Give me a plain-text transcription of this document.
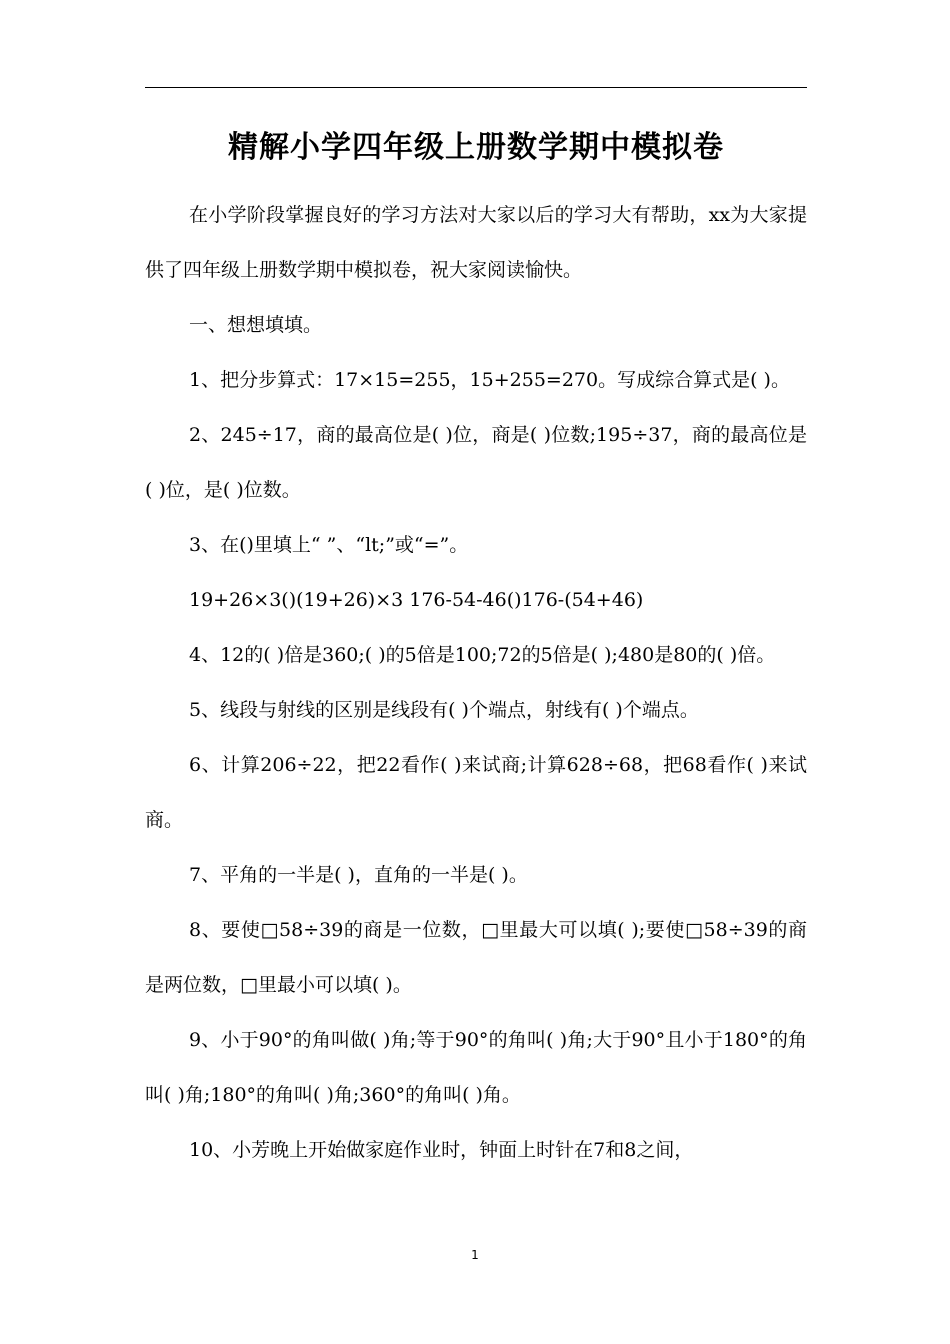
精解小学四年级上册数学期中模拟卷

在小学阶段掌握良好的学习方法对大家以后的学习大有帮助，xx为大家提供了四年级上册数学期中模拟卷，祝大家阅读愉快。

一、想想填填。

1、把分步算式：17×15=255，15+255=270。写成综合算式是( )。

2、245÷17，商的最高位是( )位，商是( )位数;195÷37，商的最高位是( )位，是( )位数。

3、在()里填上“ ”、“lt;”或“=”。

19+26×3()(19+26)×3 176-54-46()176-(54+46)

4、12的( )倍是360;( )的5倍是100;72的5倍是( );480是80的( )倍。

5、线段与射线的区别是线段有( )个端点，射线有( )个端点。

6、计算206÷22，把22看作( )来试商;计算628÷68，把68看作( )来试商。

7、平角的一半是( )，直角的一半是( )。

8、要使□58÷39的商是一位数，□里最大可以填( );要使□58÷39的商是两位数，□里最小可以填( )。

9、小于90°的角叫做( )角;等于90°的角叫( )角;大于90°且小于180°的角叫( )角;180°的角叫( )角;360°的角叫( )角。

10、小芳晚上开始做家庭作业时，钟面上时针在7和8之间，

1
